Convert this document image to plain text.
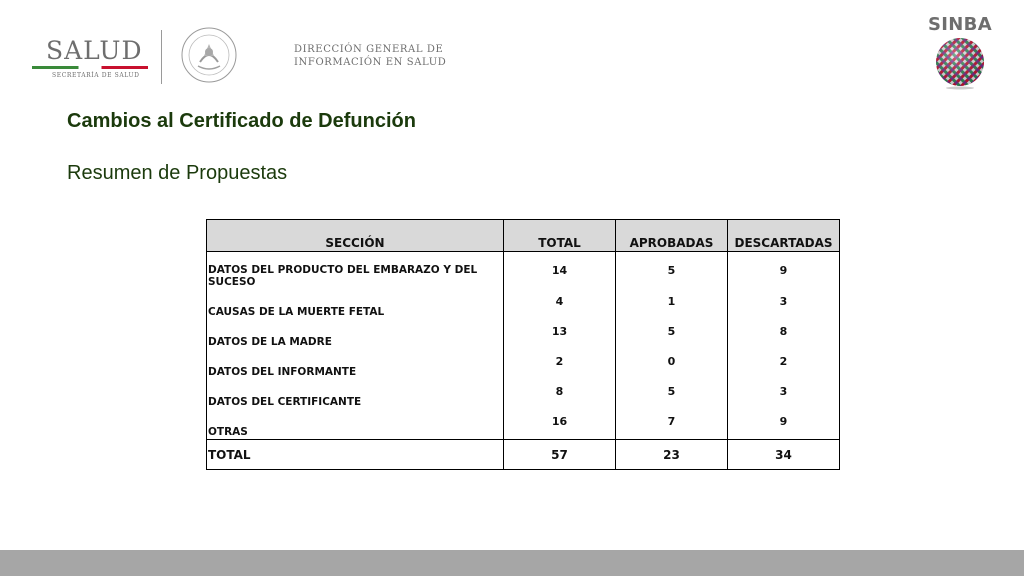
SALUD
SECRETARÍA DE SALUD
DIRECCIÓN GENERAL DE
INFORMACIÓN EN SALUD
SINBA
Cambios al Certificado de Defunción
Resumen de Propuestas
SECCIÓN	TOTAL	APROBADAS	DESCARTADAS
DATOS DEL PRODUCTO DEL EMBARAZO Y DEL SUCESO	14	5	9
CAUSAS DE LA MUERTE FETAL	4	1	3
DATOS DE LA MADRE	13	5	8
DATOS DEL INFORMANTE	2	0	2
DATOS DEL CERTIFICANTE	8	5	3
OTRAS	16	7	9
TOTAL	57	23	34
